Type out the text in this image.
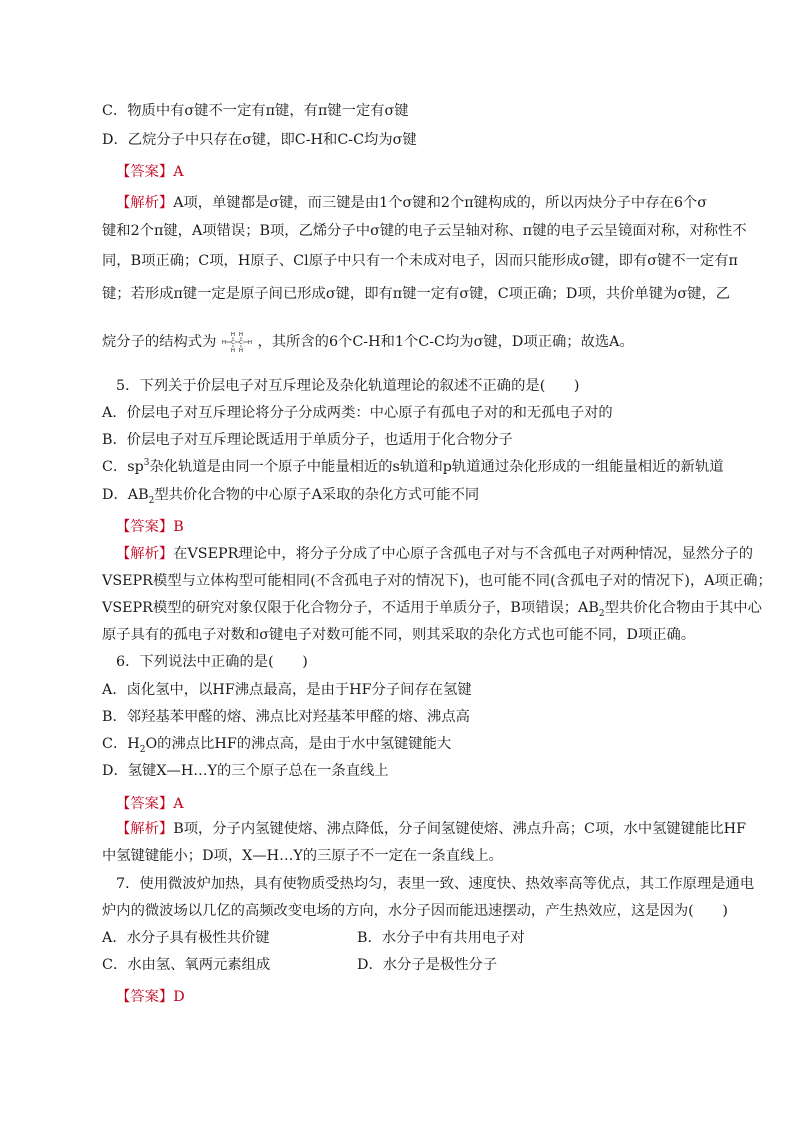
C．物质中有σ键不一定有π键，有π键一定有σ键
D．乙烷分子中只存在σ键，即C-H和C-C均为σ键
【答案】A
【解析】A项，单键都是σ键，而三键是由1个σ键和2个π键构成的，所以丙炔分子中存在6个σ
键和2个π键，A项错误；B项，乙烯分子中σ键的电子云呈轴对称、π键的电子云呈镜面对称，对称性不
同，B项正确；C项，H原子、Cl原子中只有一个未成对电子，因而只能形成σ键，即有σ键不一定有π
键；若形成π键一定是原子间已形成σ键，即有π键一定有σ键，C项正确；D项，共价单键为σ键，乙
烷分子的结构式为	H H
H C C H
H H
，其所含的6个C-H和1个C-C均为σ键，D项正确；故选A。
5．下列关于价层电子对互斥理论及杂化轨道理论的叙述不正确的是(　　)
A．价层电子对互斥理论将分子分成两类：中心原子有孤电子对的和无孤电子对的
B．价层电子对互斥理论既适用于单质分子，也适用于化合物分子
C．$sp^3$杂化轨道是由同一个原子中能量相近的s轨道和p轨道通过杂化形成的一组能量相近的新轨道
D．$AB_2$型共价化合物的中心原子A采取的杂化方式可能不同
【答案】B
【解析】在VSEPR理论中，将分子分成了中心原子含孤电子对与不含孤电子对两种情况，显然分子的
VSEPR模型与立体构型可能相同(不含孤电子对的情况下)，也可能不同(含孤电子对的情况下)，A项正确；
VSEPR模型的研究对象仅限于化合物分子，不适用于单质分子，B项错误；$AB_2$型共价化合物由于其中心
原子具有的孤电子对数和σ键电子对数可能不同，则其采取的杂化方式也可能不同，D项正确。
6．下列说法中正确的是(　　)
A．卤化氢中，以HF沸点最高，是由于HF分子间存在氢键
B．邻羟基苯甲醛的熔、沸点比对羟基苯甲醛的熔、沸点高
C．$H_2O$的沸点比HF的沸点高，是由于水中氢键键能大
D．氢键X—H…Y的三个原子总在一条直线上
【答案】A
【解析】B项，分子内氢键使熔、沸点降低，分子间氢键使熔、沸点升高；C项，水中氢键键能比HF
中氢键键能小；D项，X—H…Y的三原子不一定在一条直线上。
7．使用微波炉加热，具有使物质受热均匀，表里一致、速度快、热效率高等优点，其工作原理是通电
炉内的微波场以几亿的高频改变电场的方向，水分子因而能迅速摆动，产生热效应，这是因为(　　)
A．水分子具有极性共价键	B．水分子中有共用电子对
C．水由氢、氧两元素组成	D．水分子是极性分子
【答案】D
